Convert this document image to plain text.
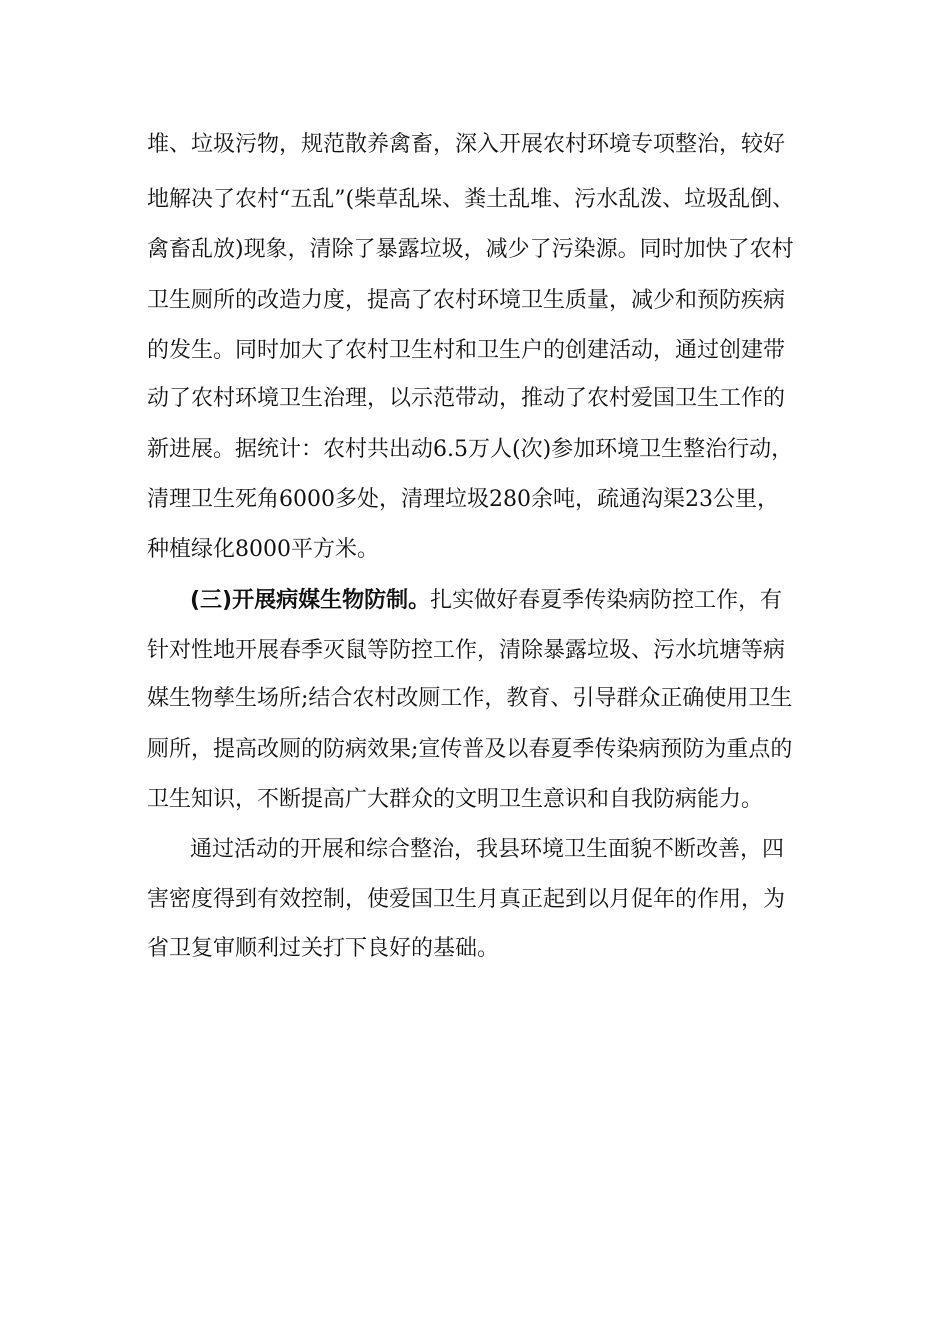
堆、垃圾污物，规范散养禽畜，深入开展农村环境专项整治，较好

地解决了农村“五乱”(柴草乱垛、粪土乱堆、污水乱泼、垃圾乱倒、

禽畜乱放)现象，清除了暴露垃圾，减少了污染源。同时加快了农村

卫生厕所的改造力度，提高了农村环境卫生质量，减少和预防疾病

的发生。同时加大了农村卫生村和卫生户的创建活动，通过创建带

动了农村环境卫生治理，以示范带动，推动了农村爱国卫生工作的

新进展。据统计：农村共出动6.5万人(次)参加环境卫生整治行动，

清理卫生死角6000多处，清理垃圾280余吨，疏通沟渠23公里，

种植绿化8000平方米。

(三)开展病媒生物防制。扎实做好春夏季传染病防控工作，有

针对性地开展春季灭鼠等防控工作，清除暴露垃圾、污水坑塘等病

媒生物孳生场所;结合农村改厕工作，教育、引导群众正确使用卫生

厕所，提高改厕的防病效果;宣传普及以春夏季传染病预防为重点的

卫生知识，不断提高广大群众的文明卫生意识和自我防病能力。

通过活动的开展和综合整治，我县环境卫生面貌不断改善，四

害密度得到有效控制，使爱国卫生月真正起到以月促年的作用，为

省卫复审顺利过关打下良好的基础。
